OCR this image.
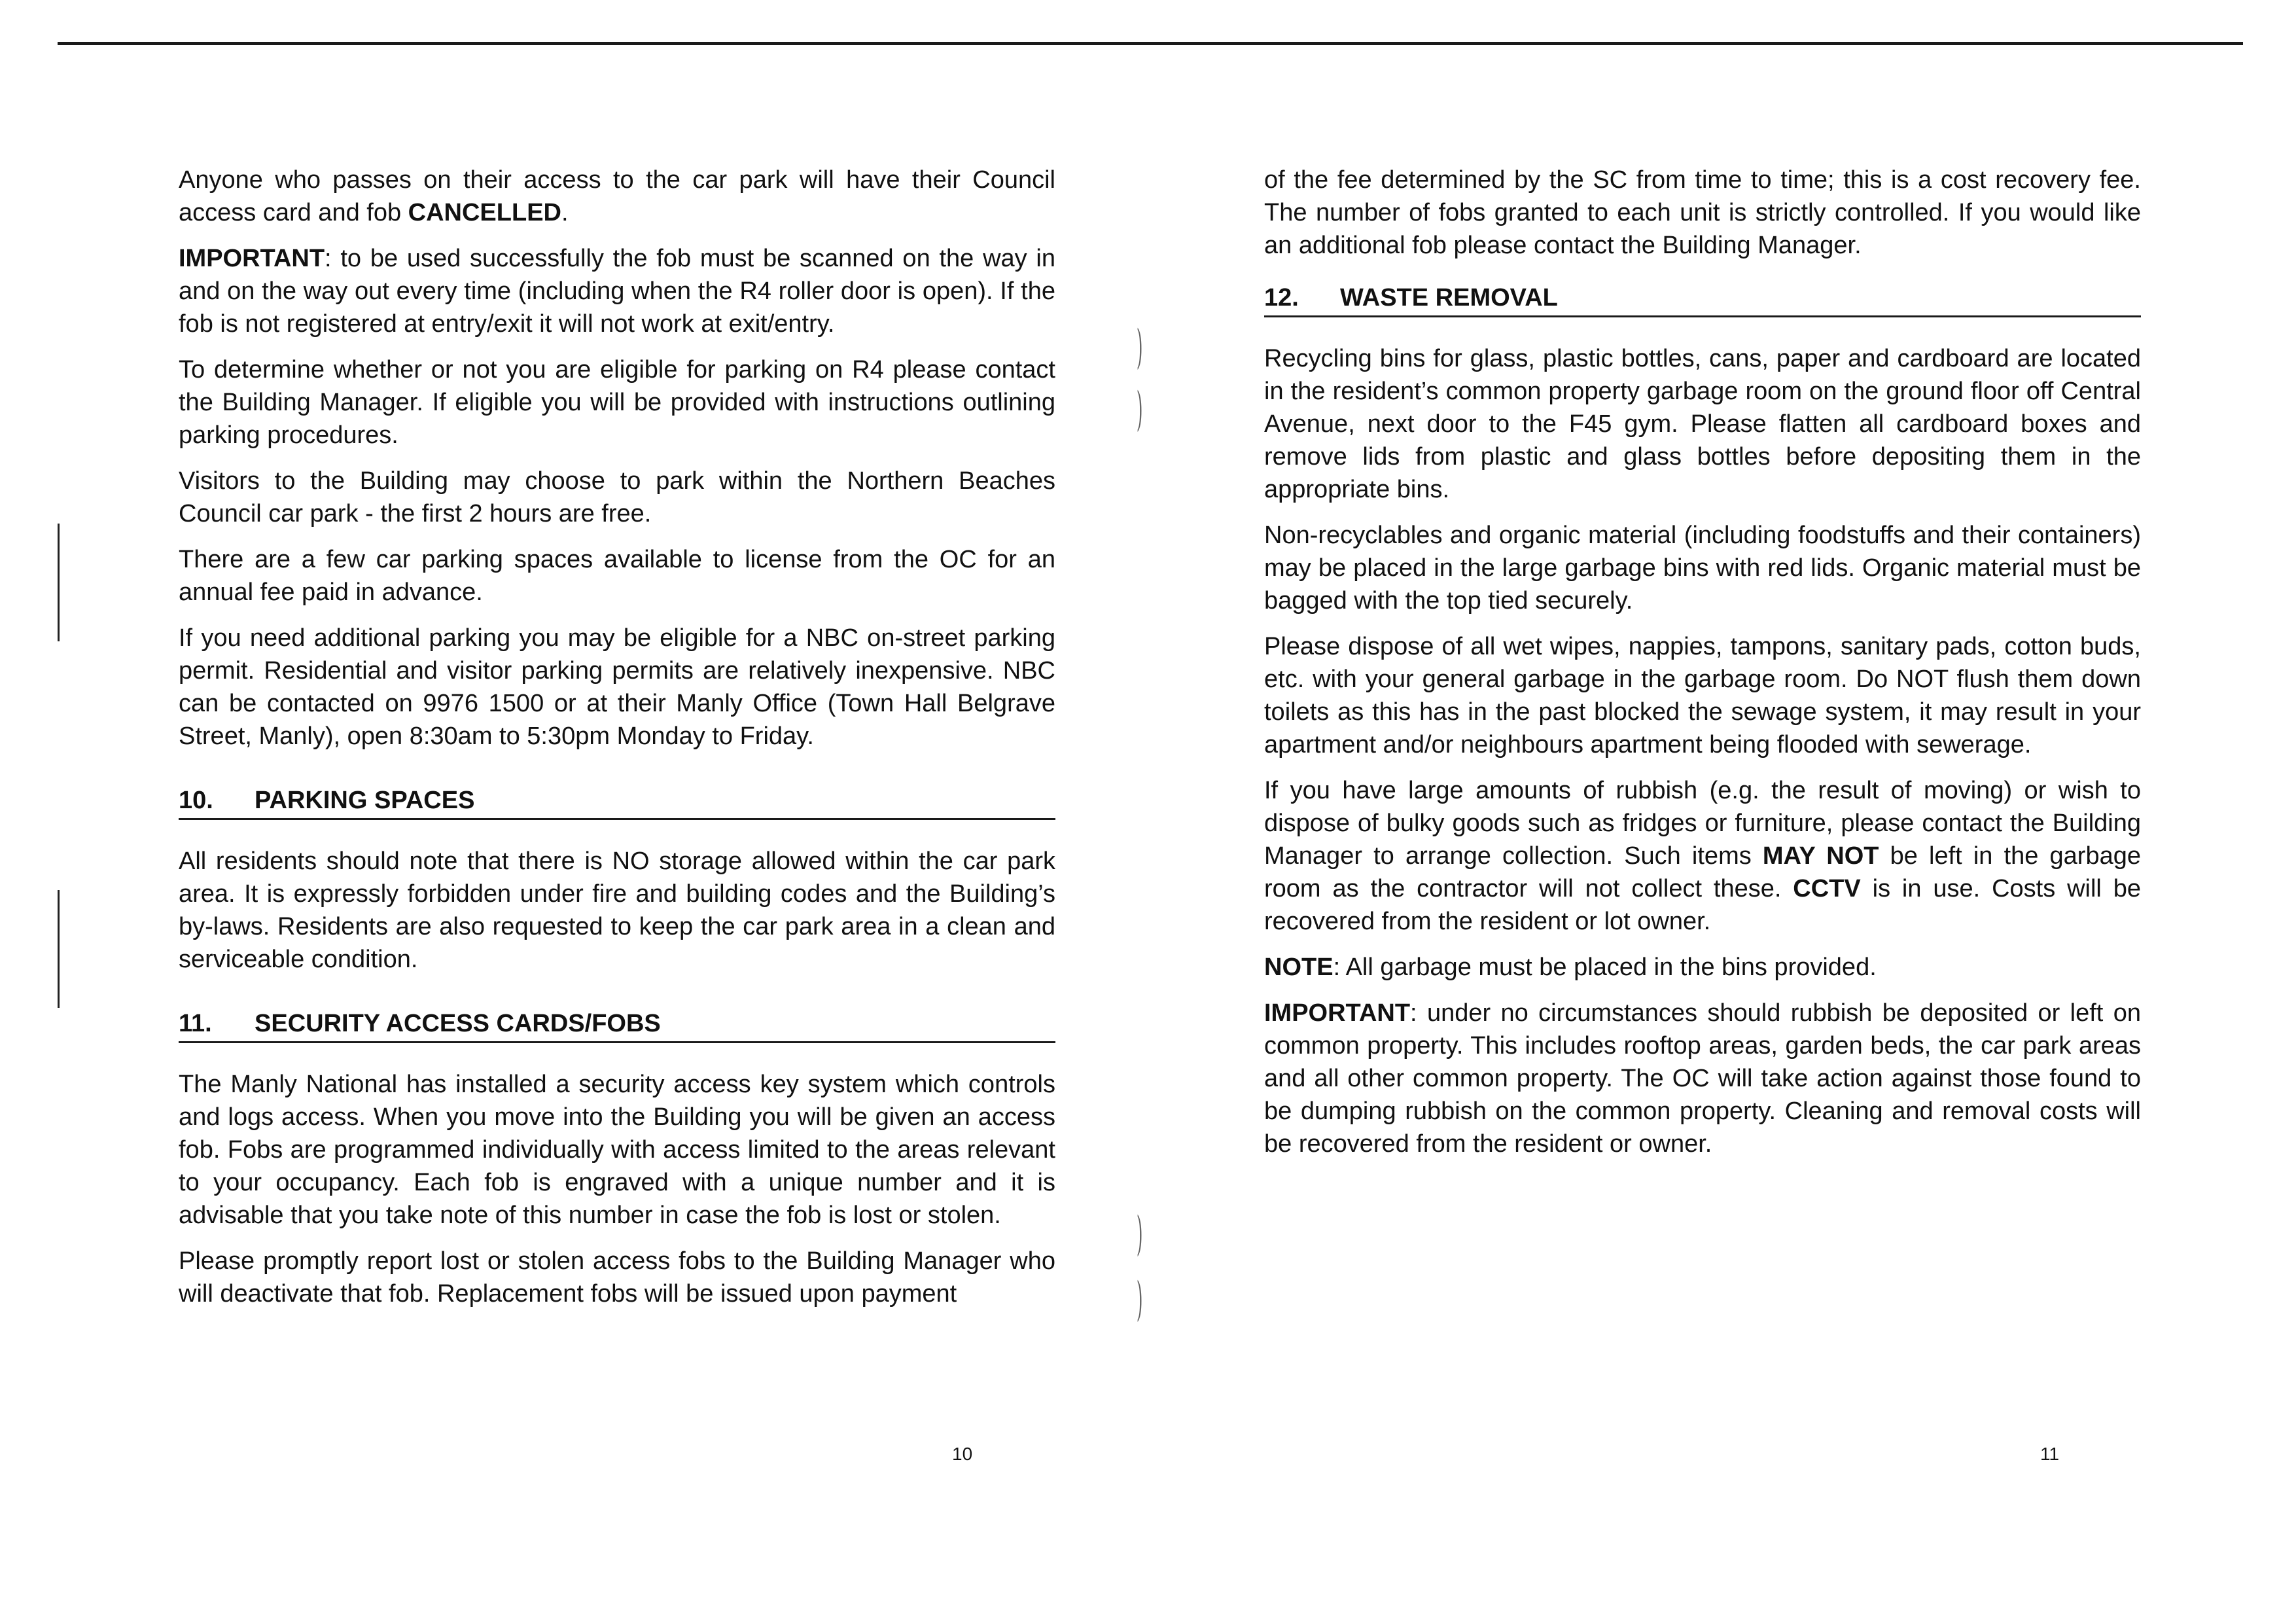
)
)
)
)

Anyone who passes on their access to the car park will have their Council access card and fob CANCELLED.

IMPORTANT: to be used successfully the fob must be scanned on the way in and on the way out every time (including when the R4 roller door is open). If the fob is not registered at entry/exit it will not work at exit/entry.

To determine whether or not you are eligible for parking on R4 please contact the Building Manager. If eligible you will be provided with instructions outlining parking procedures.

Visitors to the Building may choose to park within the Northern Beaches Council car park - the first 2 hours are free.

There are a few car parking spaces available to license from the OC for an annual fee paid in advance.

If you need additional parking you may be eligible for a NBC on-street parking permit. Residential and visitor parking permits are relatively inexpensive. NBC can be contacted on 9976 1500 or at their Manly Office (Town Hall Belgrave Street, Manly), open 8:30am to 5:30pm Monday to Friday.

10.	PARKING SPACES

All residents should note that there is NO storage allowed within the car park area. It is expressly forbidden under fire and building codes and the Building’s by-laws. Residents are also requested to keep the car park area in a clean and serviceable condition.

11.	SECURITY ACCESS CARDS/FOBS

The Manly National has installed a security access key system which controls and logs access. When you move into the Building you will be given an access fob. Fobs are programmed individually with access limited to the areas relevant to your occupancy. Each fob is engraved with a unique number and it is advisable that you take note of this number in case the fob is lost or stolen.

Please promptly report lost or stolen access fobs to the Building Manager who will deactivate that fob. Replacement fobs will be issued upon payment

of the fee determined by the SC from time to time; this is a cost recovery fee. The number of fobs granted to each unit is strictly controlled. If you would like an additional fob please contact the Building Manager.

12.	WASTE REMOVAL

Recycling bins for glass, plastic bottles, cans, paper and cardboard are located in the resident’s common property garbage room on the ground floor off Central Avenue, next door to the F45 gym. Please flatten all cardboard boxes and remove lids from plastic and glass bottles before depositing them in the appropriate bins.

Non-recyclables and organic material (including foodstuffs and their containers) may be placed in the large garbage bins with red lids. Organic material must be bagged with the top tied securely.

Please dispose of all wet wipes, nappies, tampons, sanitary pads, cotton buds, etc. with your general garbage in the garbage room. Do NOT flush them down toilets as this has in the past blocked the sewage system, it may result in your apartment and/or neighbours apartment being flooded with sewerage.

If you have large amounts of rubbish (e.g. the result of moving) or wish to dispose of bulky goods such as fridges or furniture, please contact the Building Manager to arrange collection. Such items MAY NOT be left in the garbage room as the contractor will not collect these. CCTV is in use. Costs will be recovered from the resident or lot owner.

NOTE: All garbage must be placed in the bins provided.

IMPORTANT: under no circumstances should rubbish be deposited or left on common property. This includes rooftop areas, garden beds, the car park areas and all other common property. The OC will take action against those found to be dumping rubbish on the common property. Cleaning and removal costs will be recovered from the resident or owner.

10	11
